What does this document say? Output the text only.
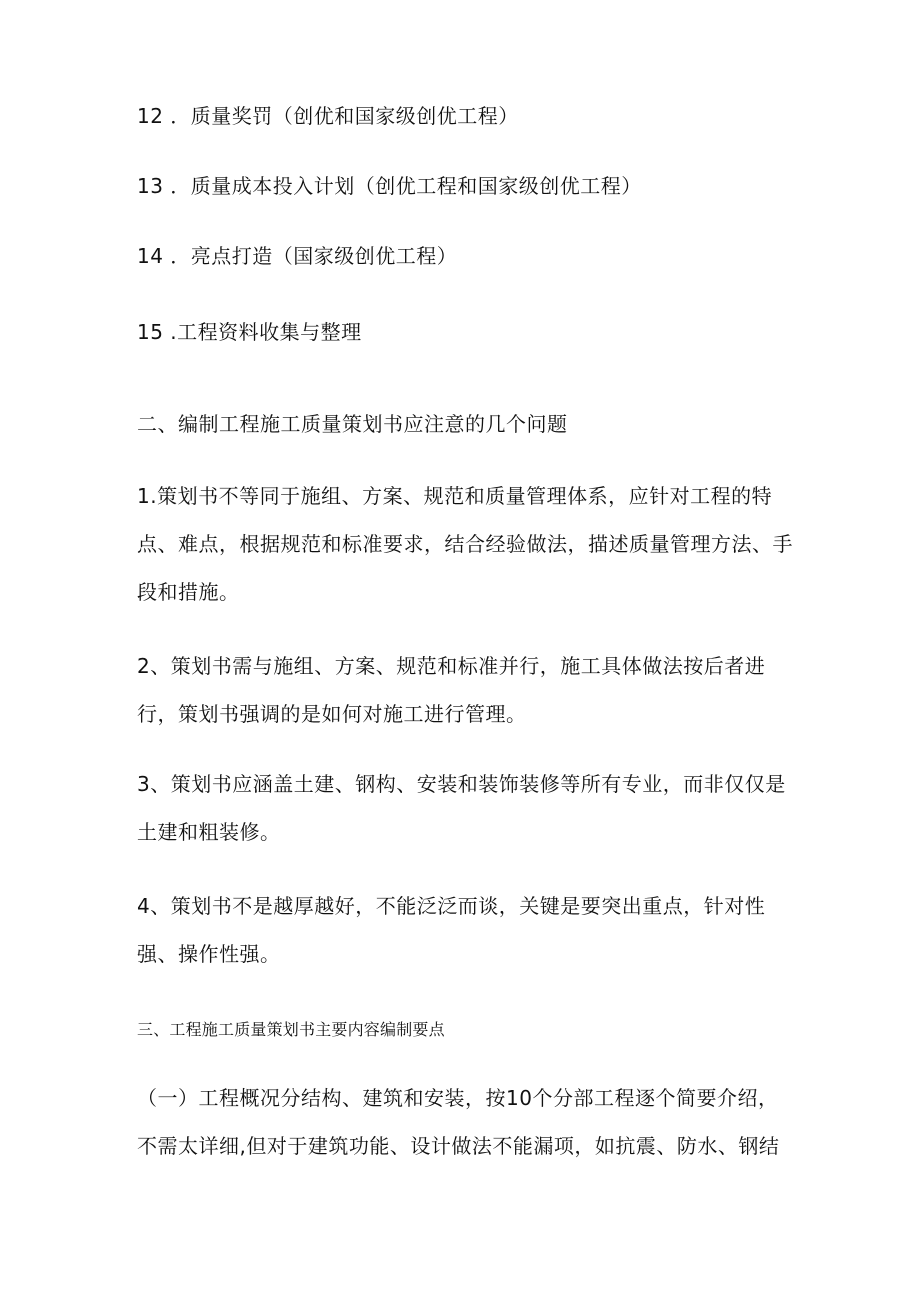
12 ．质量奖罚（创优和国家级创优工程）
13 ．质量成本投入计划（创优工程和国家级创优工程）
14 ．亮点打造（国家级创优工程）
15 .工程资料收集与整理
二、编制工程施工质量策划书应注意的几个问题
1.策划书不等同于施组、方案、规范和质量管理体系，应针对工程的特
点、难点，根据规范和标准要求，结合经验做法，描述质量管理方法、手
段和措施。
2、策划书需与施组、方案、规范和标准并行，施工具体做法按后者进
行，策划书强调的是如何对施工进行管理。
3、策划书应涵盖土建、钢构、安装和装饰装修等所有专业，而非仅仅是
土建和粗装修。
4、策划书不是越厚越好，不能泛泛而谈，关键是要突出重点，针对性
强、操作性强。
三、工程施工质量策划书主要内容编制要点
（一）工程概况分结构、建筑和安装，按10个分部工程逐个简要介绍，
不需太详细,但对于建筑功能、设计做法不能漏项，如抗震、防水、钢结
